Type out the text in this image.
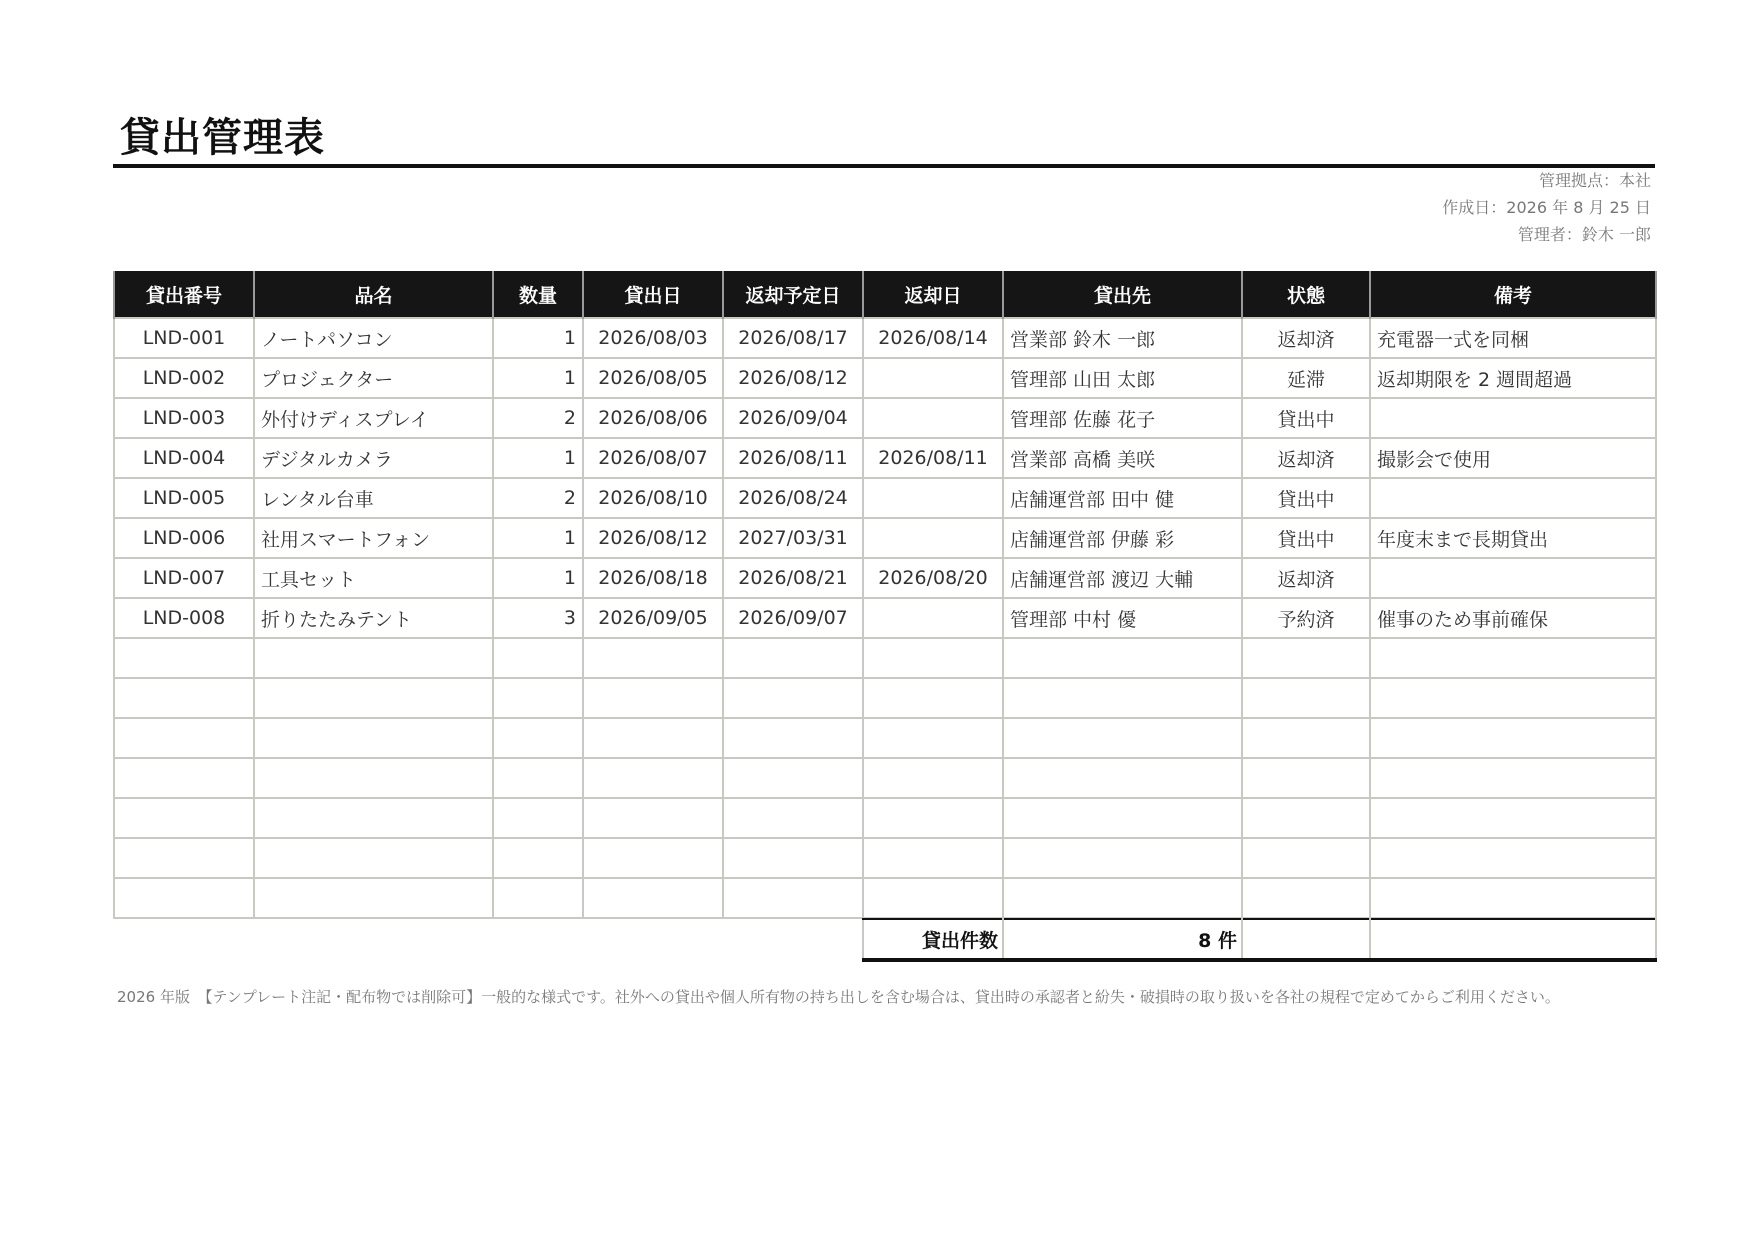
貸出管理表
管理拠点：本社
作成日：2026 年 8 月 25 日
管理者：鈴木 一郎
貸出番号	品名	数量	貸出日	返却予定日	返却日	貸出先	状態	備考
LND-001	ノートパソコン	1	2026/08/03	2026/08/17	2026/08/14	営業部 鈴木 一郎	返却済	充電器一式を同梱
LND-002	プロジェクター	1	2026/08/05	2026/08/12		管理部 山田 太郎	延滞	返却期限を 2 週間超過
LND-003	外付けディスプレイ	2	2026/08/06	2026/09/04		管理部 佐藤 花子	貸出中	
LND-004	デジタルカメラ	1	2026/08/07	2026/08/11	2026/08/11	営業部 高橋 美咲	返却済	撮影会で使用
LND-005	レンタル台車	2	2026/08/10	2026/08/24		店舗運営部 田中 健	貸出中	
LND-006	社用スマートフォン	1	2026/08/12	2027/03/31		店舗運営部 伊藤 彩	貸出中	年度末まで長期貸出
LND-007	工具セット	1	2026/08/18	2026/08/21	2026/08/20	店舗運営部 渡辺 大輔	返却済	
LND-008	折りたたみテント	3	2026/09/05	2026/09/07		管理部 中村 優	予約済	催事のため事前確保

貸出件数	8 件		
2026 年版　【テンプレート注記・配布物では削除可】一般的な様式です。社外への貸出や個人所有物の持ち出しを含む場合は、貸出時の承認者と紛失・破損時の取り扱いを各社の規程で定めてからご利用ください。
